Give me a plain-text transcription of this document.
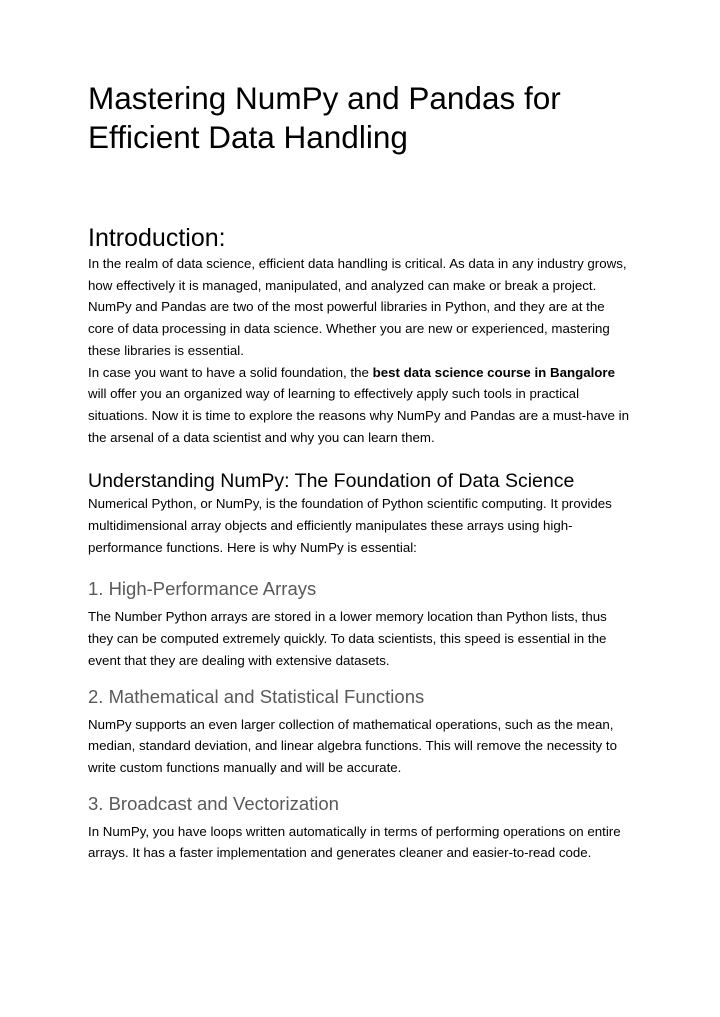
Mastering NumPy and Pandas for Efficient Data Handling
Introduction:

In the realm of data science, efficient data handling is critical. As data in any industry grows, how effectively it is managed, manipulated, and analyzed can make or break a project. NumPy and Pandas are two of the most powerful libraries in Python, and they are at the core of data processing in data science. Whether you are new or experienced, mastering these libraries is essential.

In case you want to have a solid foundation, the best data science course in Bangalore will offer you an organized way of learning to effectively apply such tools in practical situations. Now it is time to explore the reasons why NumPy and Pandas are a must-have in the arsenal of a data scientist and why you can learn them.

Understanding NumPy: The Foundation of Data Science

Numerical Python, or NumPy, is the foundation of Python scientific computing. It provides multidimensional array objects and efficiently manipulates these arrays using high-performance functions. Here is why NumPy is essential:

1. High-Performance Arrays

The Number Python arrays are stored in a lower memory location than Python lists, thus they can be computed extremely quickly. To data scientists, this speed is essential in the event that they are dealing with extensive datasets.

2. Mathematical and Statistical Functions

NumPy supports an even larger collection of mathematical operations, such as the mean, median, standard deviation, and linear algebra functions. This will remove the necessity to write custom functions manually and will be accurate.

3. Broadcast and Vectorization

In NumPy, you have loops written automatically in terms of performing operations on entire arrays. It has a faster implementation and generates cleaner and easier-to-read code.
